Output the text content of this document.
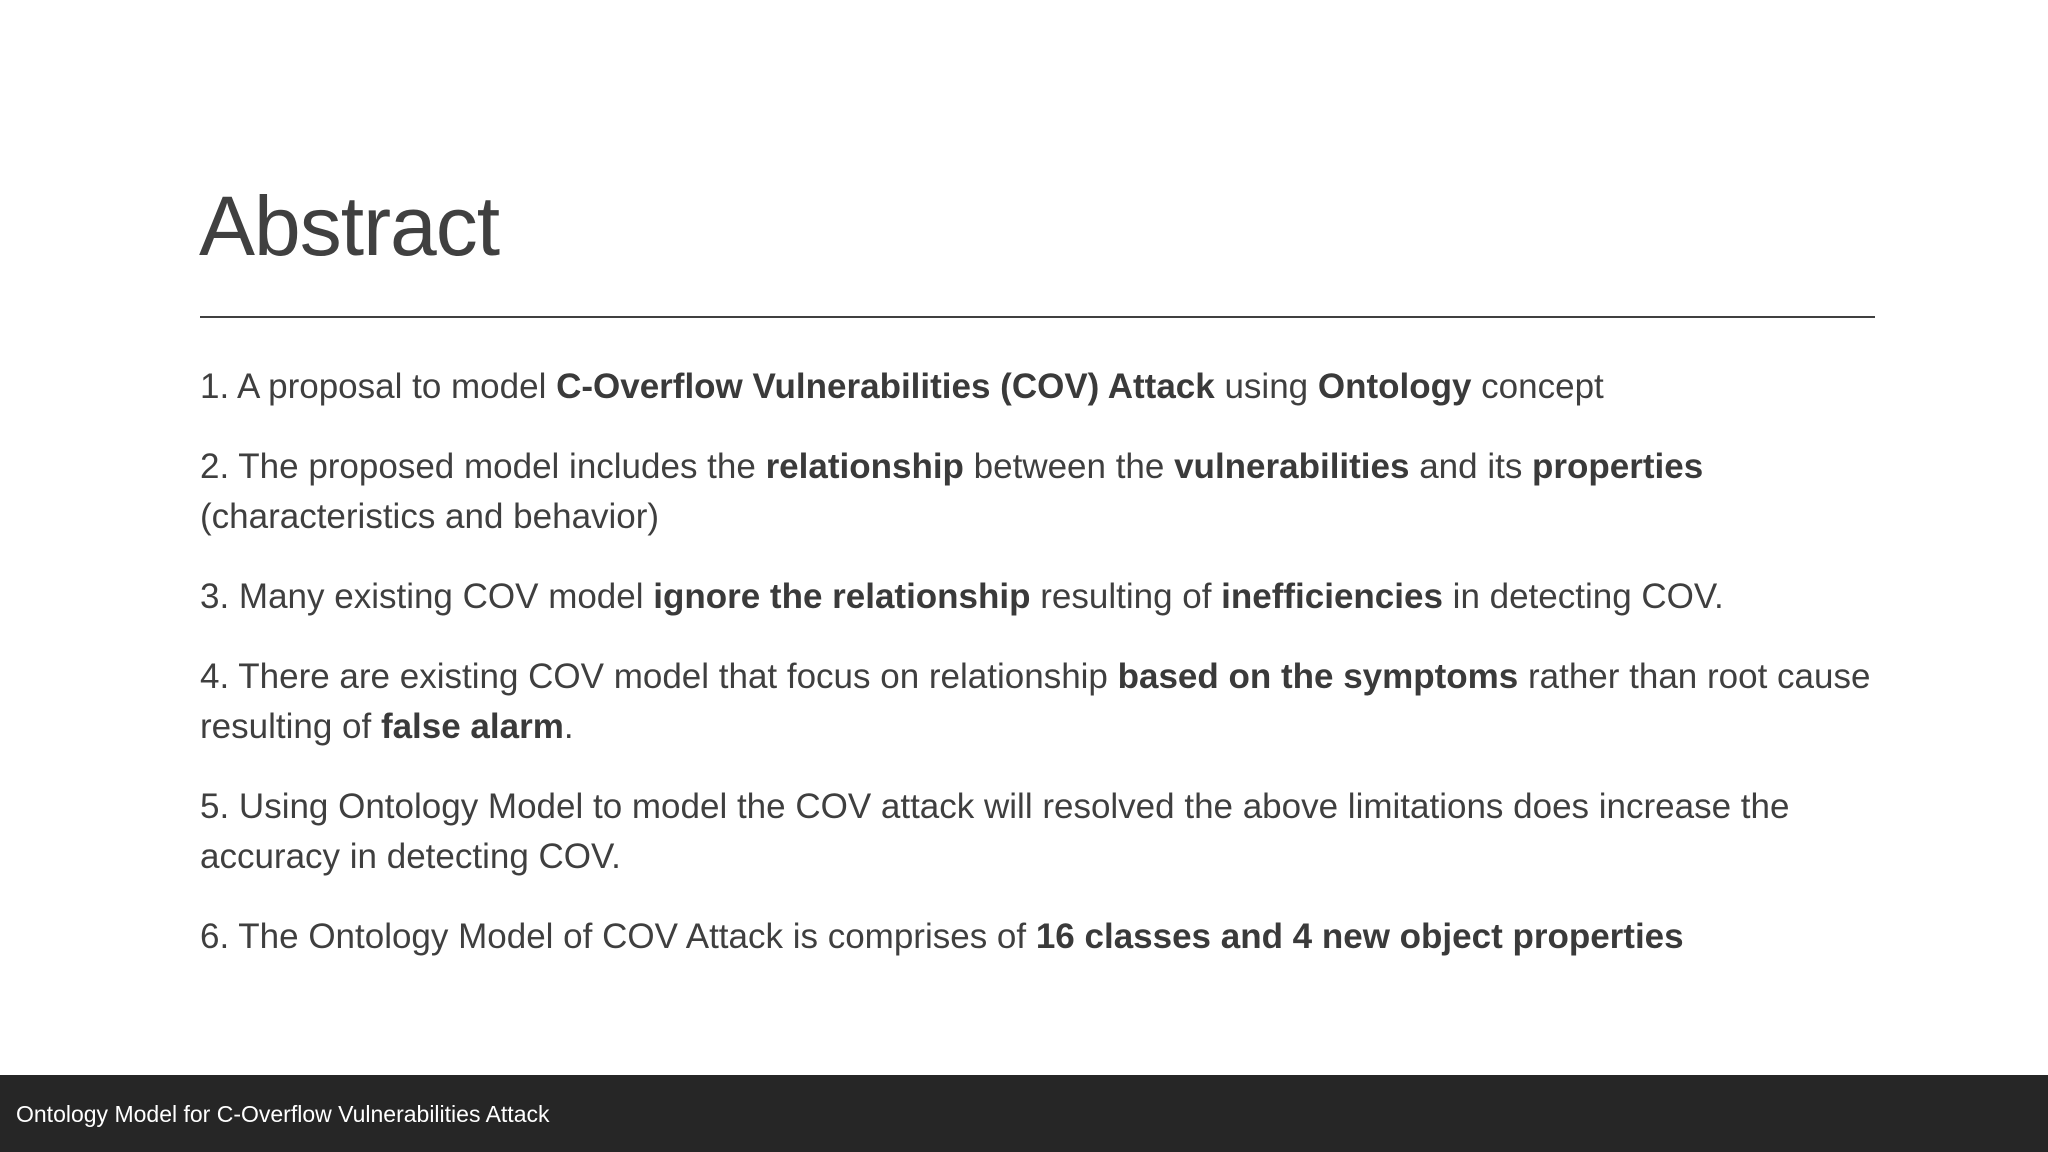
Abstract

1. A proposal to model C-Overflow Vulnerabilities (COV) Attack using Ontology concept

2. The proposed model includes the relationship between the vulnerabilities and its properties (characteristics and behavior)

3. Many existing COV model ignore the relationship resulting of inefficiencies in detecting COV.

4. There are existing COV model that focus on relationship based on the symptoms rather than root cause resulting of false alarm.

5. Using Ontology Model to model the COV attack will resolved the above limitations does increase the accuracy in detecting COV.

6. The Ontology Model of COV Attack is comprises of 16 classes and 4 new object properties

Ontology Model for C-Overflow Vulnerabilities Attack
